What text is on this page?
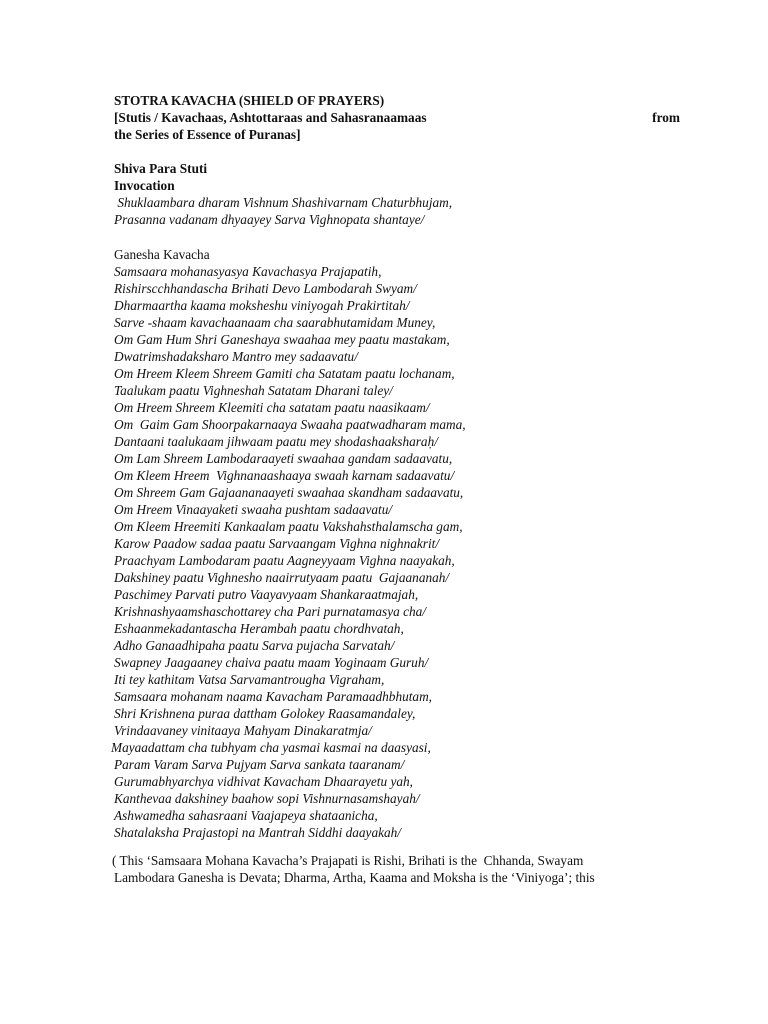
STOTRA KAVACHA (SHIELD OF PRAYERS)
[Stutis / Kavachaas, Ashtottaraas and Sahasranaamaas	from
the Series of Essence of Puranas]
Shiva Para Stuti
Invocation
Shuklaambara dharam Vishnum Shashivarnam Chaturbhujam,
Prasanna vadanam dhyaayey Sarva Vighnopata shantaye/
Ganesha Kavacha
Samsaara mohanasyasya Kavachasya Prajapatih,
Rishirscchhandascha Brihati Devo Lambodarah Swyam/
Dharmaartha kaama moksheshu viniyogah Prakirtitah/
Sarve -shaam kavachaanaam cha saarabhutamidam Muney,
Om Gam Hum Shri Ganeshaya swaahaa mey paatu mastakam,
Dwatrimshadaksharo Mantro mey sadaavatu/
Om Hreem Kleem Shreem Gamiti cha Satatam paatu lochanam,
Taalukam paatu Vighneshah Satatam Dharani taley/
Om Hreem Shreem Kleemiti cha satatam paatu naasikaam/
Om  Gaim Gam Shoorpakarnaaya Swaaha paatwadharam mama,
Dantaani taalukaam jihwaam paatu mey shodashaaksharaḥ/
Om Lam Shreem Lambodaraayeti swaahaa gandam sadaavatu,
Om Kleem Hreem  Vighnanaashaaya swaah karnam sadaavatu/
Om Shreem Gam Gajaananaayeti swaahaa skandham sadaavatu,
Om Hreem Vinaayaketi swaaha pushtam sadaavatu/
Om Kleem Hreemiti Kankaalam paatu Vakshahsthalamscha gam,
Karow Paadow sadaa paatu Sarvaangam Vighna nighnakrit/
Praachyam Lambodaram paatu Aagneyyaam Vighna naayakah,
Dakshiney paatu Vighnesho naairrutyaam paatu  Gajaananah/
Paschimey Parvati putro Vaayavyaam Shankaraatmajah,
Krishnashyaamshaschottarey cha Pari purnatamasya cha/
Eshaanmekadantascha Herambah paatu chordhvatah,
Adho Ganaadhipaha paatu Sarva pujacha Sarvatah/
Swapney Jaagaaney chaiva paatu maam Yoginaam Guruh/
Iti tey kathitam Vatsa Sarvamantrougha Vigraham,
Samsaara mohanam naama Kavacham Paramaadhbhutam,
Shri Krishnena puraa dattham Golokey Raasamandaley,
Vrindaavaney vinitaaya Mahyam Dinakaratmja/
Mayaadattam cha tubhyam cha yasmai kasmai na daasyasi,
Param Varam Sarva Pujyam Sarva sankata taaranam/
Gurumabhyarchya vidhivat Kavacham Dhaarayetu yah,
Kanthevaa dakshiney baahow sopi Vishnurnasamshayah/
Ashwamedha sahasraani Vaajapeya shataanicha,
Shatalaksha Prajastopi na Mantrah Siddhi daayakah/
( This ‘Samsaara Mohana Kavacha’s Prajapati is Rishi, Brihati is the  Chhanda, Swayam
Lambodara Ganesha is Devata; Dharma, Artha, Kaama and Moksha is the ‘Viniyoga’; this
